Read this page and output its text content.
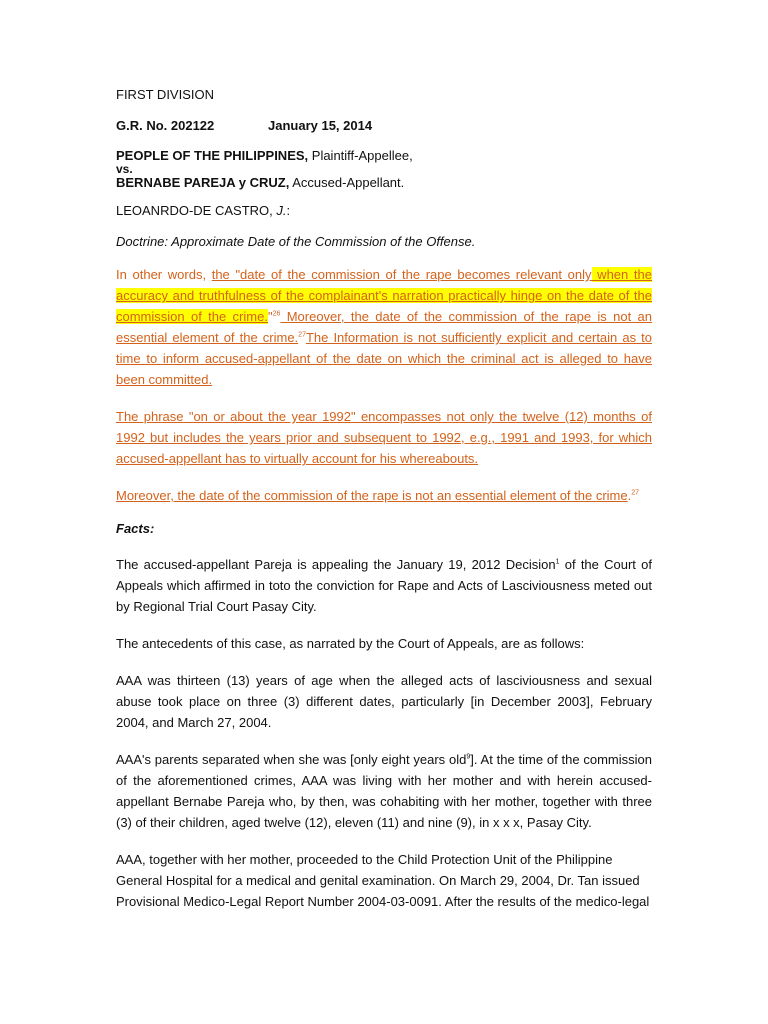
FIRST DIVISION

G.R. No. 202122	January 15, 2014

PEOPLE OF THE PHILIPPINES, Plaintiff-Appellee,

vs.

BERNABE PAREJA y CRUZ, Accused-Appellant.

LEOANRDO-DE CASTRO, J.:

Doctrine: Approximate Date of the Commission of the Offense.

In other words, the "date of the commission of the rape becomes relevant only when the accuracy and truthfulness of the complainant's narration practically hinge on the date of the commission of the crime."$^{26}$ Moreover, the date of the commission of the rape is not an essential element of the crime.$^{27}$The Information is not sufficiently explicit and certain as to time to inform accused-appellant of the date on which the criminal act is alleged to have been committed.

The phrase "on or about the year 1992" encompasses not only the twelve (12) months of 1992 but includes the years prior and subsequent to 1992, e.g., 1991 and 1993, for which accused-appellant has to virtually account for his whereabouts.

Moreover, the date of the commission of the rape is not an essential element of the crime.$^{27}$

Facts:

The accused-appellant Pareja is appealing the January 19, 2012 Decision$^1$ of the Court of Appeals which affirmed in toto the conviction for Rape and Acts of Lasciviousness meted out by Regional Trial Court Pasay City.

The antecedents of this case, as narrated by the Court of Appeals, are as follows:

AAA was thirteen (13) years of age when the alleged acts of lasciviousness and sexual abuse took place on three (3) different dates, particularly [in December 2003], February 2004, and March 27, 2004.

AAA's parents separated when she was [only eight years old$^9$]. At the time of the commission of the aforementioned crimes, AAA was living with her mother and with herein accused-appellant Bernabe Pareja who, by then, was cohabiting with her mother, together with three (3) of their children, aged twelve (12), eleven (11) and nine (9), in x x x, Pasay City.

AAA, together with her mother, proceeded to the Child Protection Unit of the Philippine General Hospital for a medical and genital examination. On March 29, 2004, Dr. Tan issued Provisional Medico-Legal Report Number 2004-03-0091. After the results of the medico-legal
